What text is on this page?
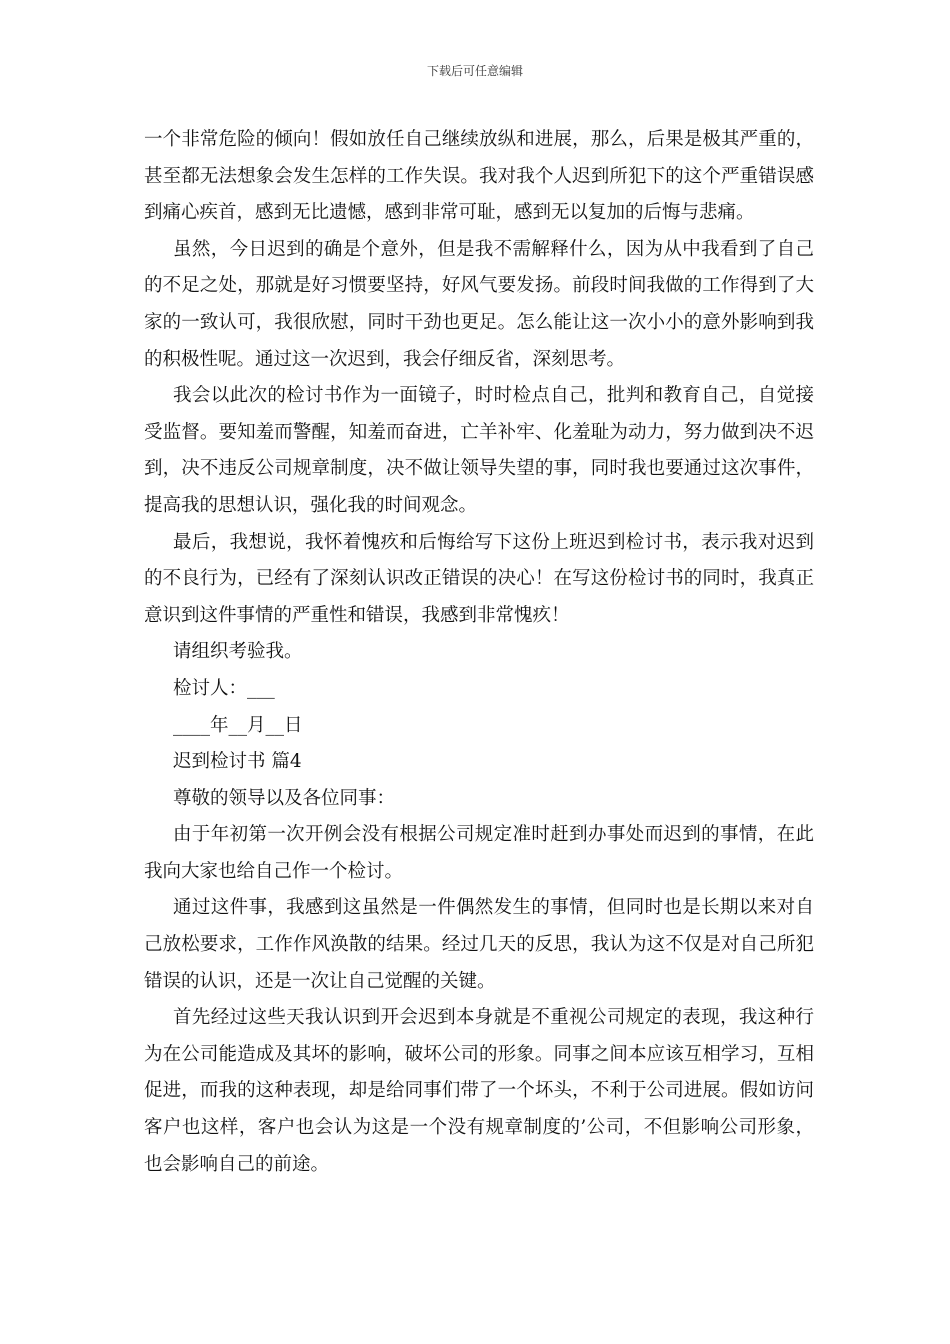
下载后可任意编辑

一个非常危险的倾向！假如放任自己继续放纵和进展，那么，后果是极其严重的，甚至都无法想象会发生怎样的工作失误。我对我个人迟到所犯下的这个严重错误感到痛心疾首，感到无比遗憾，感到非常可耻，感到无以复加的后悔与悲痛。

虽然，今日迟到的确是个意外，但是我不需解释什么，因为从中我看到了自己的不足之处，那就是好习惯要坚持，好风气要发扬。前段时间我做的工作得到了大家的一致认可，我很欣慰，同时干劲也更足。怎么能让这一次小小的意外影响到我的积极性呢。通过这一次迟到，我会仔细反省，深刻思考。

我会以此次的检讨书作为一面镜子，时时检点自己，批判和教育自己，自觉接受监督。要知羞而警醒，知羞而奋进，亡羊补牢、化羞耻为动力，努力做到决不迟到，决不违反公司规章制度，决不做让领导失望的事，同时我也要通过这次事件，提高我的思想认识，强化我的时间观念。

最后，我想说，我怀着愧疚和后悔给写下这份上班迟到检讨书，表示我对迟到的不良行为，已经有了深刻认识改正错误的决心！在写这份检讨书的同时，我真正意识到这件事情的严重性和错误，我感到非常愧疚！

请组织考验我。

检讨人：___

____年__月__日

迟到检讨书 篇4

尊敬的领导以及各位同事：

由于年初第一次开例会没有根据公司规定准时赶到办事处而迟到的事情，在此我向大家也给自己作一个检讨。

通过这件事，我感到这虽然是一件偶然发生的事情，但同时也是长期以来对自己放松要求，工作作风涣散的结果。经过几天的反思，我认为这不仅是对自己所犯错误的认识，还是一次让自己觉醒的关键。

首先经过这些天我认识到开会迟到本身就是不重视公司规定的表现，我这种行为在公司能造成及其坏的影响，破坏公司的形象。同事之间本应该互相学习，互相促进，而我的这种表现，却是给同事们带了一个坏头，不利于公司进展。假如访问客户也这样，客户也会认为这是一个没有规章制度的’公司，不但影响公司形象，也会影响自己的前途。
